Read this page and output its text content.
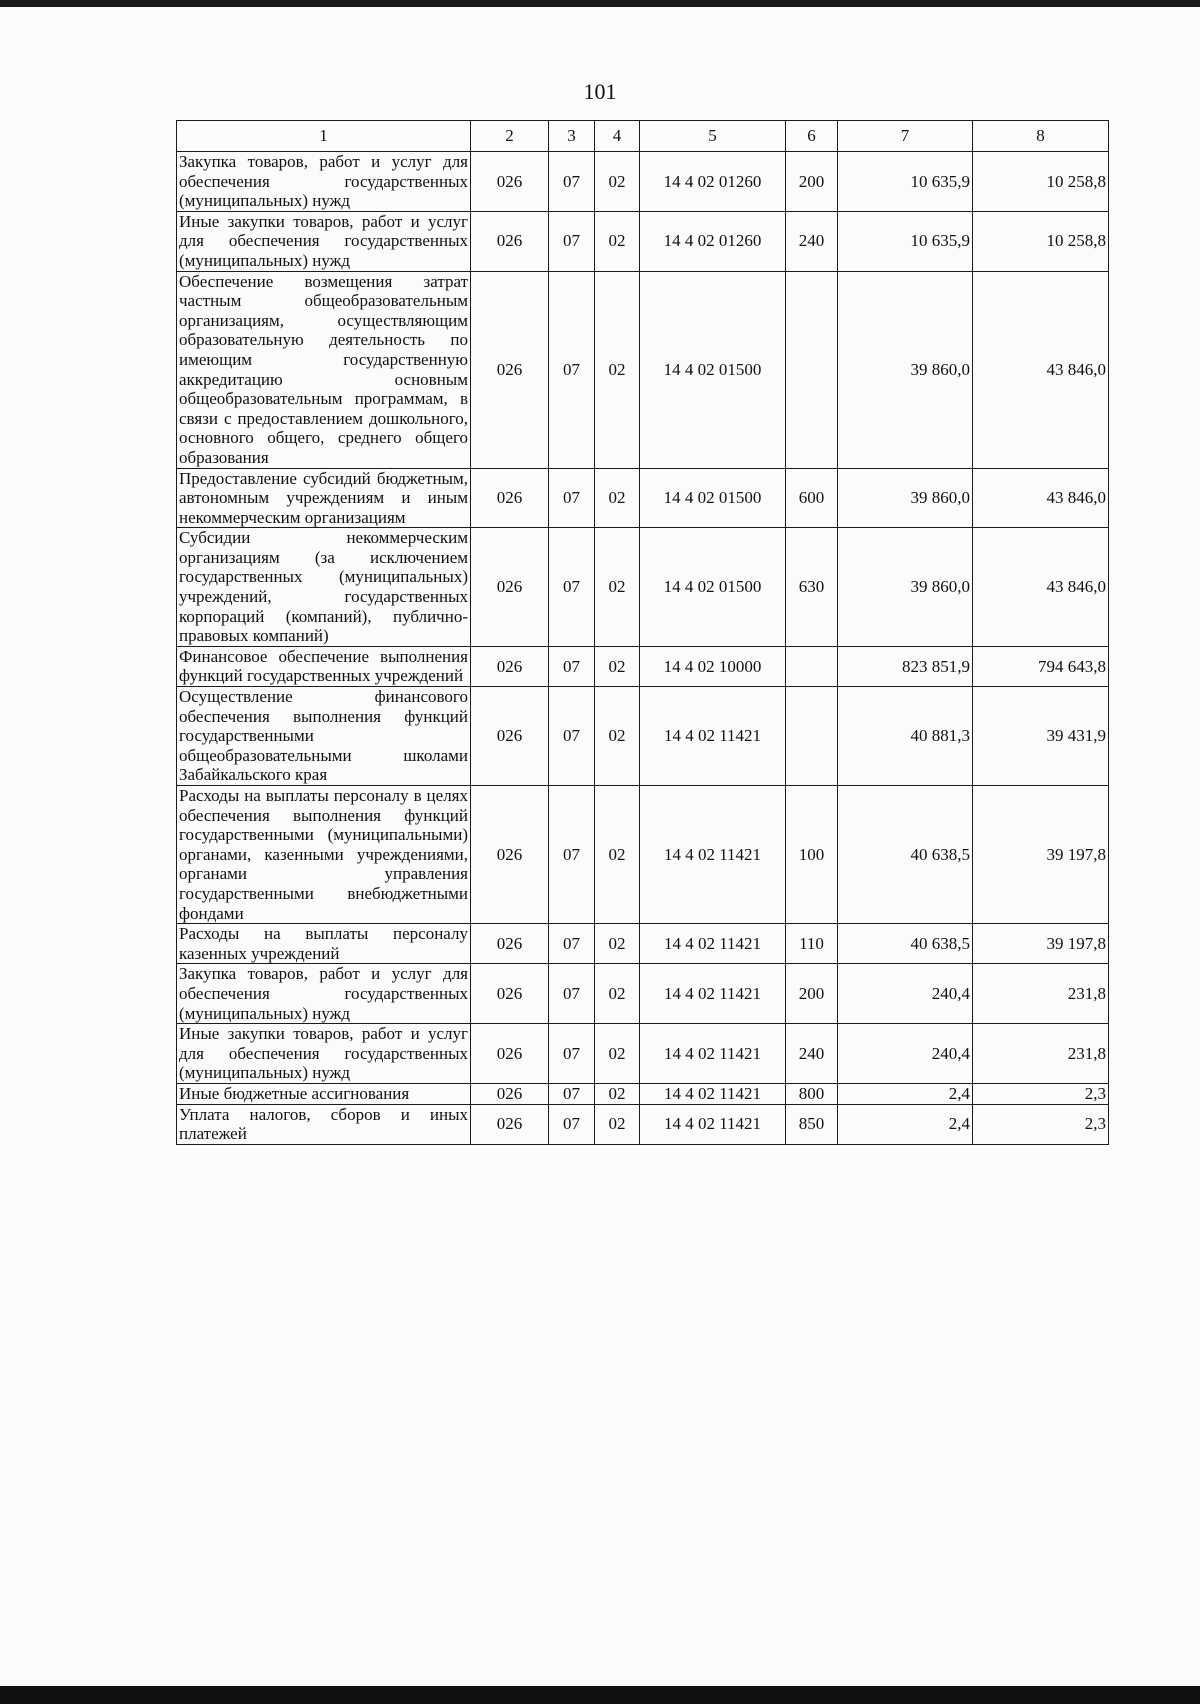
101
1	2	3	4	5	6	7	8
Закупка товаров, работ и услуг для обеспечения государственных (муниципальных) нужд	026	07	02	14 4 02 01260	200	10 635,9	10 258,8
Иные закупки товаров, работ и услуг для обеспечения государственных (муниципальных) нужд	026	07	02	14 4 02 01260	240	10 635,9	10 258,8
Обеспечение возмещения затрат частным общеобразовательным организациям, осуществляющим образовательную деятельность по имеющим государственную аккредитацию основным общеобразовательным программам, в связи с предоставлением дошкольного, основного общего, среднего общего образования	026	07	02	14 4 02 01500		39 860,0	43 846,0
Предоставление субсидий бюджетным, автономным учреждениям и иным некоммерческим организациям	026	07	02	14 4 02 01500	600	39 860,0	43 846,0
Субсидии некоммерческим организациям (за исключением государственных (муниципальных) учреждений, государственных корпораций (компаний), публично-правовых компаний)	026	07	02	14 4 02 01500	630	39 860,0	43 846,0
Финансовое обеспечение выполнения функций государственных учреждений	026	07	02	14 4 02 10000		823 851,9	794 643,8
Осуществление финансового обеспечения выполнения функций государственными общеобразовательными школами Забайкальского края	026	07	02	14 4 02 11421		40 881,3	39 431,9
Расходы на выплаты персоналу в целях обеспечения выполнения функций государственными (муниципальными) органами, казенными учреждениями, органами управления государственными внебюджетными фондами	026	07	02	14 4 02 11421	100	40 638,5	39 197,8
Расходы на выплаты персоналу казенных учреждений	026	07	02	14 4 02 11421	110	40 638,5	39 197,8
Закупка товаров, работ и услуг для обеспечения государственных (муниципальных) нужд	026	07	02	14 4 02 11421	200	240,4	231,8
Иные закупки товаров, работ и услуг для обеспечения государственных (муниципальных) нужд	026	07	02	14 4 02 11421	240	240,4	231,8
Иные бюджетные ассигнования	026	07	02	14 4 02 11421	800	2,4	2,3
Уплата налогов, сборов и иных платежей	026	07	02	14 4 02 11421	850	2,4	2,3
